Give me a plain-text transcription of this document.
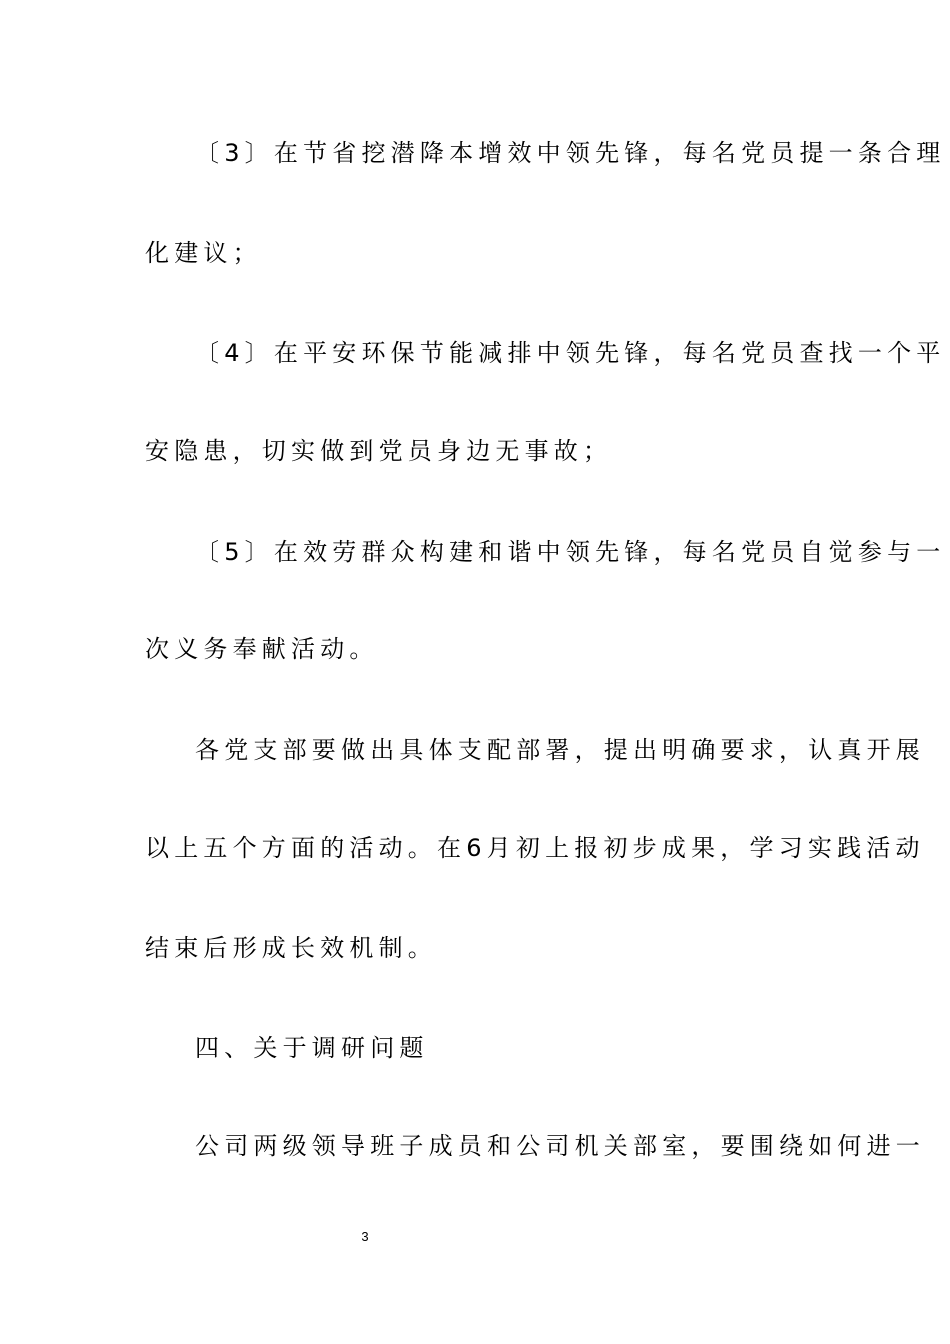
〔3〕在节省挖潜降本增效中领先锋，每名党员提一条合理
化建议；
〔4〕在平安环保节能减排中领先锋，每名党员查找一个平
安隐患，切实做到党员身边无事故；
〔5〕在效劳群众构建和谐中领先锋，每名党员自觉参与一
次义务奉献活动。
各党支部要做出具体支配部署，提出明确要求，认真开展
以上五个方面的活动。在6月初上报初步成果，学习实践活动
结束后形成长效机制。
四、关于调研问题
公司两级领导班子成员和公司机关部室，要围绕如何进一
3
